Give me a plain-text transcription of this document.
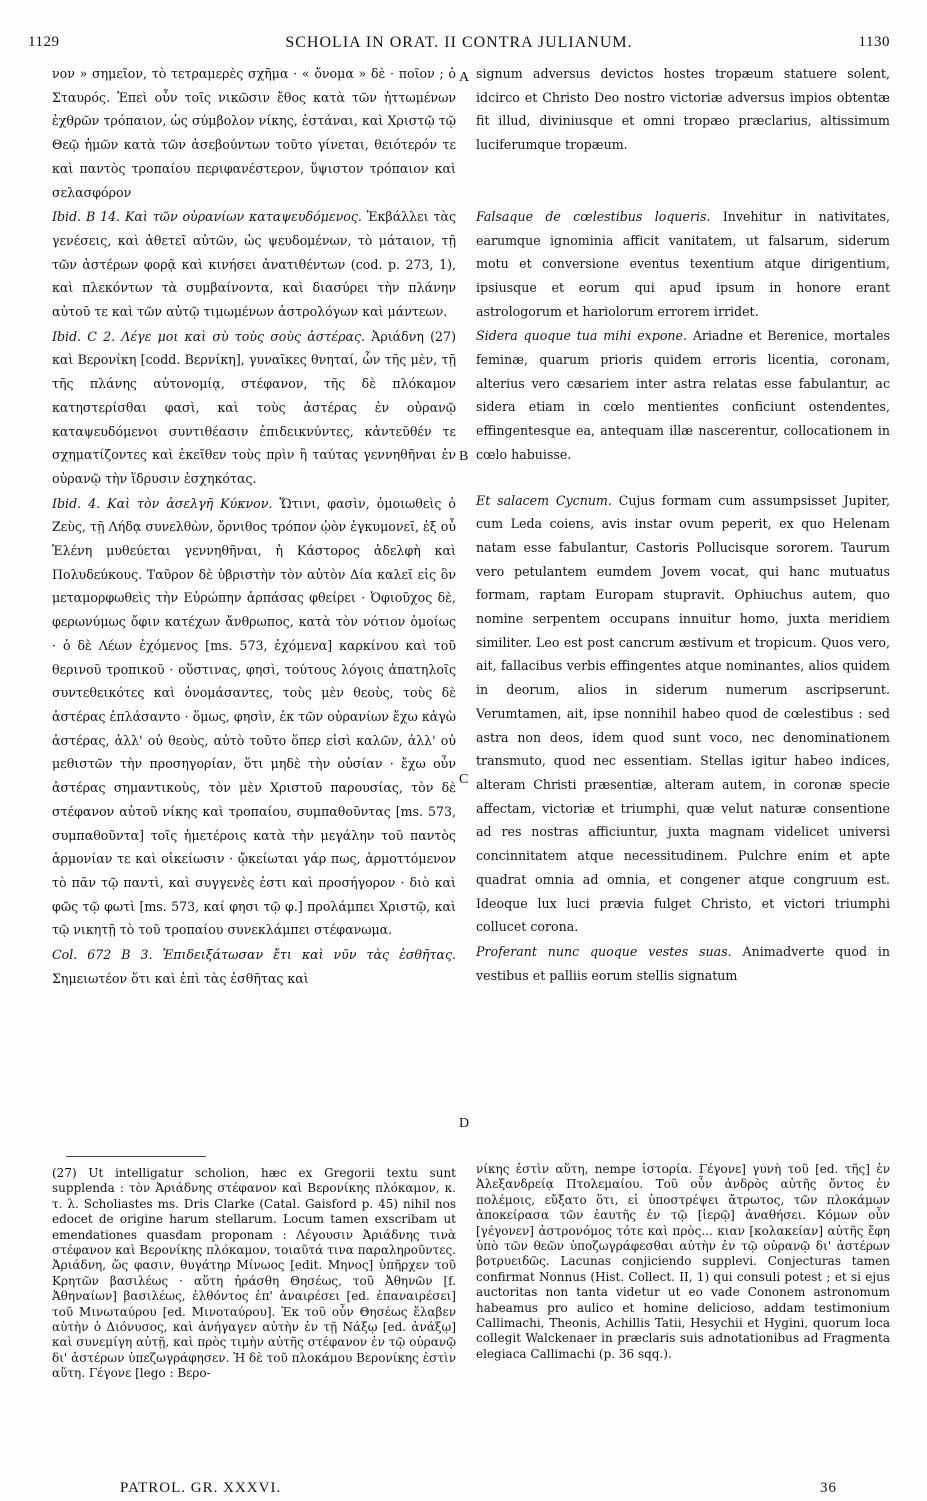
1129	SCHOLIA IN ORAT. II CONTRA JULIANUM.	1130

νον » σημεῖον, τὸ τετραμερὲς σχῆμα · « ὄνομα » δὲ · ποῖον ; ὁ Σταυρός. Ἐπεὶ οὖν τοῖς νικῶσιν ἔθος κατὰ τῶν ἡττωμένων ἐχθρῶν τρόπαιον, ὡς σύμβολον νίκης, ἑστάναι, καὶ Χριστῷ τῷ Θεῷ ἡμῶν κατὰ τῶν ἀσεβούντων τοῦτο γίνεται, θειότερόν τε καὶ παντὸς τροπαίου περιφανέστερον, ὕψιστον τρόπαιον καὶ σελασφόρον

Ibid. B 14. Καὶ τῶν οὐρανίων καταψευδόμενος. Ἐκβάλλει τὰς γενέσεις, καὶ ἀθετεῖ αὐτῶν, ὡς ψευδομένων, τὸ μάταιον, τῇ τῶν ἀστέρων φορᾷ καὶ κινήσει ἀνατιθέντων (cod. p. 273, 1), καὶ πλεκόντων τὰ συμβαίνοντα, καὶ διασύρει τὴν πλάνην αὐτοῦ τε καὶ τῶν αὐτῷ τιμωμένων ἀστρολόγων καὶ μάντεων.

Ibid. C 2. Λέγε μοι καὶ σὺ τοὺς σοὺς ἀστέρας. Ἀριάδνη (27) καὶ Βερονίκη [codd. Βερνίκη], γυναῖκες θνηταί, ὧν τῆς μὲν, τῇ τῆς πλάνης αὐτονομίᾳ, στέφανον, τῆς δὲ πλόκαμον κατηστερίσθαι φασὶ, καὶ τοὺς ἀστέρας ἐν οὐρανῷ καταψευδόμενοι συντιθέασιν ἐπιδεικνύντες, κἀντεῦθέν τε σχηματίζοντες καὶ ἐκεῖθεν τοὺς πρὶν ἢ ταύτας γεννηθῆναι ἐν οὐρανῷ τὴν ἵδρυσιν ἐσχηκότας.

Ibid. 4. Καὶ τὸν ἀσελγῆ Κύκνον. Ὥτινι, φασὶν, ὁμοιωθεὶς ὁ Ζεὺς, τῇ Λήδᾳ συνελθὼν, ὄρνιθος τρόπον ᾠὸν ἐγκυμονεῖ, ἐξ οὗ Ἑλένη μυθεύεται γεννηθῆναι, ἡ Κάστορος ἀδελφὴ καὶ Πολυδεύκους. Ταῦρον δὲ ὑβριστὴν τὸν αὐτὸν Δία καλεῖ εἰς ὃν μεταμορφωθεὶς τὴν Εὐρώπην ἁρπάσας φθείρει · Ὀφιοῦχος δὲ, φερωνύμως ὄφιν κατέχων ἄνθρωπος, κατὰ τὸν νότιον ὁμοίως · ὁ δὲ Λέων ἐχόμενος [ms. 573, ἐχόμενα] καρκίνου καὶ τοῦ θερινοῦ τροπικοῦ · οὕστινας, φησὶ, τούτους λόγοις ἀπατηλοῖς συντεθεικότες καὶ ὀνομάσαντες, τοὺς μὲν θεοὺς, τοὺς δὲ ἀστέρας ἐπλάσαντο · ὅμως, φησὶν, ἐκ τῶν οὐρανίων ἔχω κἀγὼ ἀστέρας, ἀλλ' οὐ θεοὺς, αὐτὸ τοῦτο ὅπερ εἰσὶ καλῶν, ἀλλ' οὐ μεθιστῶν τὴν προσηγορίαν, ὅτι μηδὲ τὴν οὐσίαν · ἔχω οὖν ἀστέρας σημαντικοὺς, τὸν μὲν Χριστοῦ παρουσίας, τὸν δὲ στέφανον αὐτοῦ νίκης καὶ τροπαίου, συμπαθοῦντας [ms. 573, συμπαθοῦντα] τοῖς ἡμετέροις κατὰ τὴν μεγάλην τοῦ παντὸς ἁρμονίαν τε καὶ οἰκείωσιν · ᾤκείωται γάρ πως, ἁρμοττόμενον τὸ πᾶν τῷ παντὶ, καὶ συγγενὲς ἐστι καὶ προσήγορον · διὸ καὶ φῶς τῷ φωτὶ [ms. 573, καί φησι τῷ φ.] προλάμπει Χριστῷ, καὶ τῷ νικητῇ τὸ τοῦ τροπαίου συνεκλάμπει στέφανωμα.

Col. 672 B 3. Ἐπιδειξάτωσαν ἔτι καὶ νῦν τὰς ἐσθῆτας. Σημειωτέον ὅτι καὶ ἐπὶ τὰς ἐσθῆτας καὶ

A
B
C
D

signum adversus devictos hostes tropæum statuere solent, idcirco et Christo Deo nostro victoriæ adversus impios obtentæ fit illud, diviniusque et omni tropæo præclarius, altissimum luciferumque tropæum.

Falsaque de cœlestibus loqueris. Invehitur in nativitates, earumque ignominia afficit vanitatem, ut falsarum, siderum motu et conversione eventus texentium atque dirigentium, ipsiusque et eorum qui apud ipsum in honore erant astrologorum et hariolorum errorem irridet.

Sidera quoque tua mihi expone. Ariadne et Berenice, mortales feminæ, quarum prioris quidem erroris licentia, coronam, alterius vero cæsariem inter astra relatas esse fabulantur, ac sidera etiam in cœlo mentientes conficiunt ostendentes, effingentesque ea, antequam illæ nascerentur, collocationem in cœlo habuisse.

Et salacem Cycnum. Cujus formam cum assumpsisset Jupiter, cum Leda coiens, avis instar ovum peperit, ex quo Helenam natam esse fabulantur, Castoris Pollucisque sororem. Taurum vero petulantem eumdem Jovem vocat, qui hanc mutuatus formam, raptam Europam stupravit. Ophiuchus autem, quo nomine serpentem occupans innuitur homo, juxta meridiem similiter. Leo est post cancrum æstivum et tropicum. Quos vero, ait, fallacibus verbis effingentes atque nominantes, alios quidem in deorum, alios in siderum numerum ascripserunt. Verumtamen, ait, ipse nonnihil habeo quod de cœlestibus : sed astra non deos, idem quod sunt voco, nec denominationem transmuto, quod nec essentiam. Stellas igitur habeo indices, alteram Christi præsentiæ, alteram autem, in coronæ specie affectam, victoriæ et triumphi, quæ velut naturæ consentione ad res nostras afficiuntur, juxta magnam videlicet universi concinnitatem atque necessitudinem. Pulchre enim et apte quadrat omnia ad omnia, et congener atque congruum est. Ideoque lux luci prævia fulget Christo, et victori triumphi collucet corona.

Proferant nunc quoque vestes suas. Animadverte quod in vestibus et palliis eorum stellis signatum

(27) Ut intelligatur scholion, hæc ex Gregorii textu sunt supplenda : τὸν Ἀριάδνης στέφανον καὶ Βερονίκης πλόκαμον, κ. τ. λ. Scholiastes ms. Dris Clarke (Catal. Gaisford p. 45) nihil nos edocet de origine harum stellarum. Locum tamen exscribam ut emendationes quasdam proponam : Λέγουσιν Ἀριάδνης τινὰ στέφανον καὶ Βερονίκης πλόκαμον, τοιαῦτά τινα παραληροῦντες. Ἀριάδνη, ὥς φασιν, θυγάτηρ Μίνωος [edit. Μηνος] ὑπῆρχεν τοῦ Κρητῶν βασιλέως · αὕτη ἠράσθη Θησέως, τοῦ Ἀθηνῶν [f. Ἀθηναίων] βασιλέως, ἐλθόντος ἐπ' ἀναιρέσει [ed. ἐπαναιρέσει] τοῦ Μινωταύρου [ed. Μινοταύρου]. Ἐκ τοῦ οὖν Θησέως ἔλαβεν αὐτὴν ὁ Διόνυσος, καὶ ἀνήγαγεν αὐτὴν ἐν τῇ Νάξῳ [ed. ἀνάξῳ] καὶ συνεμίγη αὐτῇ, καὶ πρὸς τιμὴν αὐτῆς στέφανον ἐν τῷ οὐρανῷ δι' ἀστέρων ὑπεζωγράφησεν. Ἡ δὲ τοῦ πλοκάμου Βερονίκης ἐστὶν αὕτη. Γέγονε [lego : Βερο-

νίκης ἐστὶν αὕτη, nempe ἱστορία. Γέγονε] γυνὴ τοῦ [ed. τῆς] ἐν Ἀλεξανδρείᾳ Πτολεμαίου. Τοῦ οὖν ἀνδρὸς αὐτῆς ὄντος ἐν πολέμοις, εὔξατο ὅτι, εἰ ὑποστρέψει ἄτρωτος, τῶν πλοκάμων ἀποκείρασα τῶν ἑαυτῆς ἐν τῷ [ἱερῷ] ἀναθήσει. Κόμων οὖν [γέγονεν] ἀστρονόμος τότε καὶ πρὸς... κιαν [κολακείαν] αὐτῆς ἔφη ὑπὸ τῶν θεῶν ὑποζωγράφεσθαι αὐτὴν ἐν τῷ οὐρανῷ δι' ἀστέρων βοτρυειδῶς. Lacunas conjiciendo supplevi. Conjecturas tamen confirmat Nonnus (Hist. Collect. II, 1) qui consuli potest ; et si ejus auctoritas non tanta videtur ut eo vade Cononem astronomum habeamus pro aulico et homine delicioso, addam testimonium Callimachi, Theonis, Achillis Tatii, Hesychii et Hygini, quorum loca collegit Walckenaer in præclaris suis adnotationibus ad Fragmenta elegiaca Callimachi (p. 36 sqq.).

PATROL. GR. XXXVI.	36
